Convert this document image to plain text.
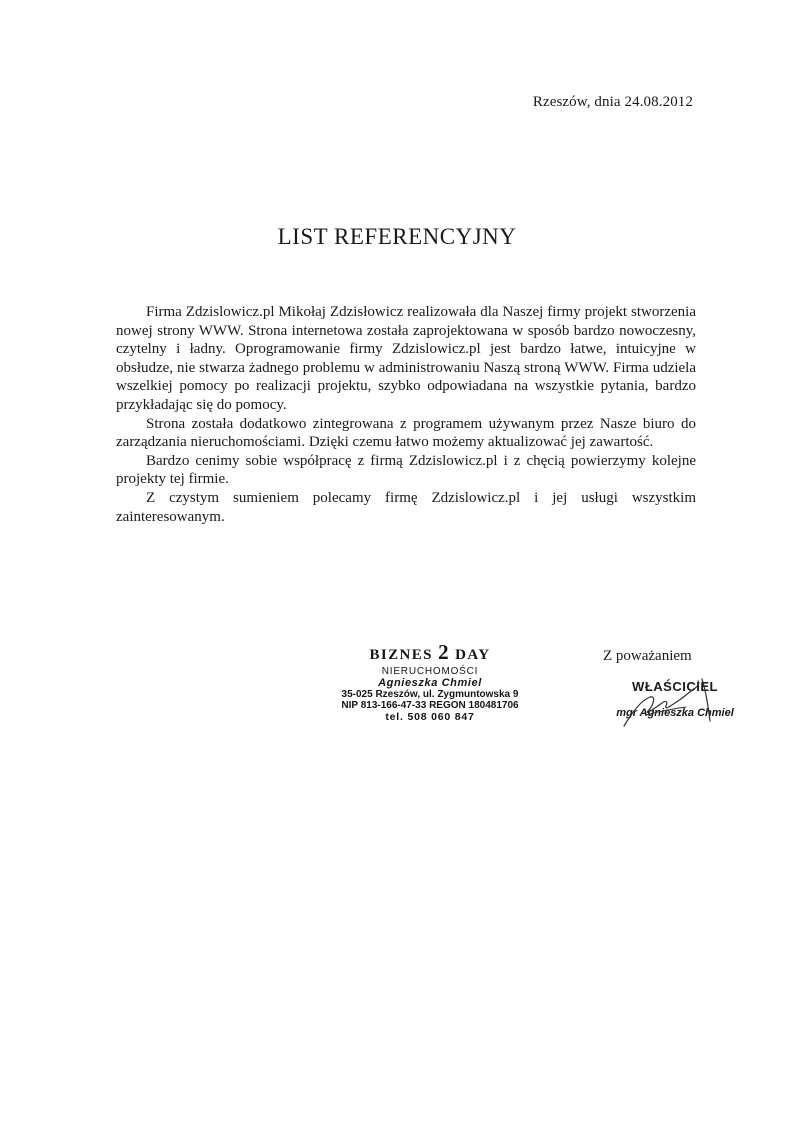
Rzeszów, dnia 24.08.2012
LIST REFERENCYJNY

Firma Zdzislowicz.pl Mikołaj Zdzisłowicz realizowała dla Naszej firmy projekt stworzenia nowej strony WWW. Strona internetowa została zaprojektowana w sposób bardzo nowoczesny, czytelny i ładny. Oprogramowanie firmy Zdzislowicz.pl jest bardzo łatwe, intuicyjne w obsłudze, nie stwarza żadnego problemu w administrowaniu Naszą stroną WWW. Firma udziela wszelkiej pomocy po realizacji projektu, szybko odpowiadana na wszystkie pytania, bardzo przykładając się do pomocy.

Strona została dodatkowo zintegrowana z programem używanym przez Nasze biuro do zarządzania nieruchomościami. Dzięki czemu łatwo możemy aktualizować jej zawartość.

Bardzo cenimy sobie współpracę z firmą Zdzislowicz.pl i z chęcią powierzymy kolejne projekty tej firmie.

Z czystym sumieniem polecamy firmę Zdzislowicz.pl i jej usługi wszystkim zainteresowanym.

BIZNES 2 DAY
NIERUCHOMOŚCI
Agnieszka Chmiel
35-025 Rzeszów, ul. Zygmuntowska 9
NIP 813-166-47-33 REGON 180481706
tel. 508 060 847
Z poważaniem
WŁAŚCICIEL
mgr Agnieszka Chmiel
